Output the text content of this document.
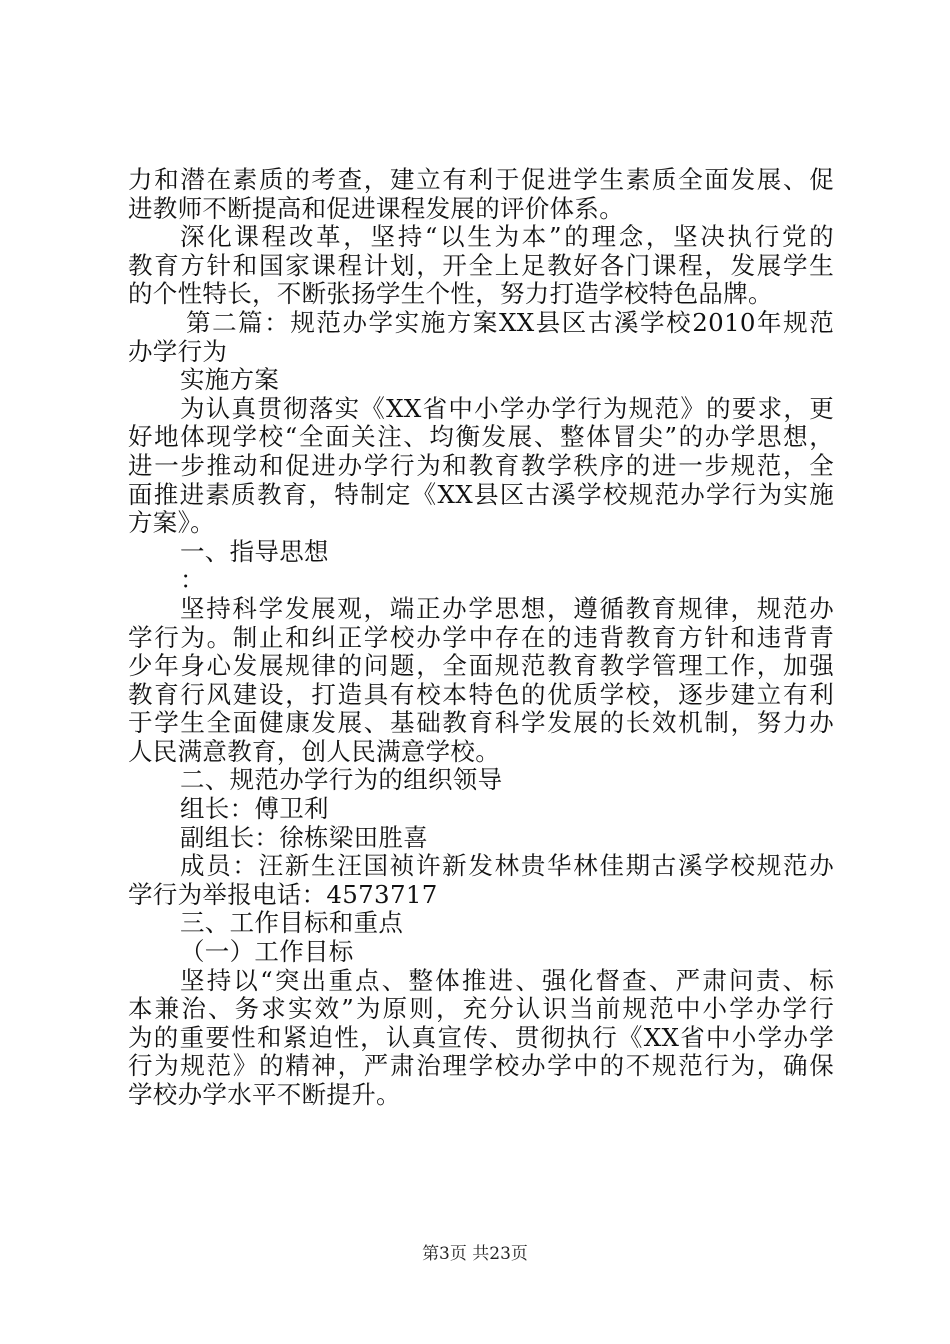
力和潜在素质的考查，建立有利于促进学生素质全面发展、促
进教师不断提高和促进课程发展的评价体系。
深化课程改革，坚持“以生为本”的理念，坚决执行党的
教育方针和国家课程计划，开全上足教好各门课程，发展学生
的个性特长，不断张扬学生个性，努力打造学校特色品牌。
第二篇：规范办学实施方案XX县区古溪学校2010年规范
办学行为
实施方案
为认真贯彻落实《XX省中小学办学行为规范》的要求，更
好地体现学校“全面关注、均衡发展、整体冒尖”的办学思想，
进一步推动和促进办学行为和教育教学秩序的进一步规范，全
面推进素质教育，特制定《XX县区古溪学校规范办学行为实施
方案》。
一、指导思想
：
坚持科学发展观，端正办学思想，遵循教育规律，规范办
学行为。制止和纠正学校办学中存在的违背教育方针和违背青
少年身心发展规律的问题，全面规范教育教学管理工作，加强
教育行风建设，打造具有校本特色的优质学校，逐步建立有利
于学生全面健康发展、基础教育科学发展的长效机制，努力办
人民满意教育，创人民满意学校。
二、规范办学行为的组织领导
组长：傅卫利
副组长：徐栋梁田胜喜
成员：汪新生汪国祯许新发林贵华林佳期古溪学校规范办
学行为举报电话：4573717
三、工作目标和重点
（一）工作目标
坚持以“突出重点、整体推进、强化督查、严肃问责、标
本兼治、务求实效”为原则，充分认识当前规范中小学办学行
为的重要性和紧迫性，认真宣传、贯彻执行《XX省中小学办学
行为规范》的精神，严肃治理学校办学中的不规范行为，确保
学校办学水平不断提升。
第3页 共23页
